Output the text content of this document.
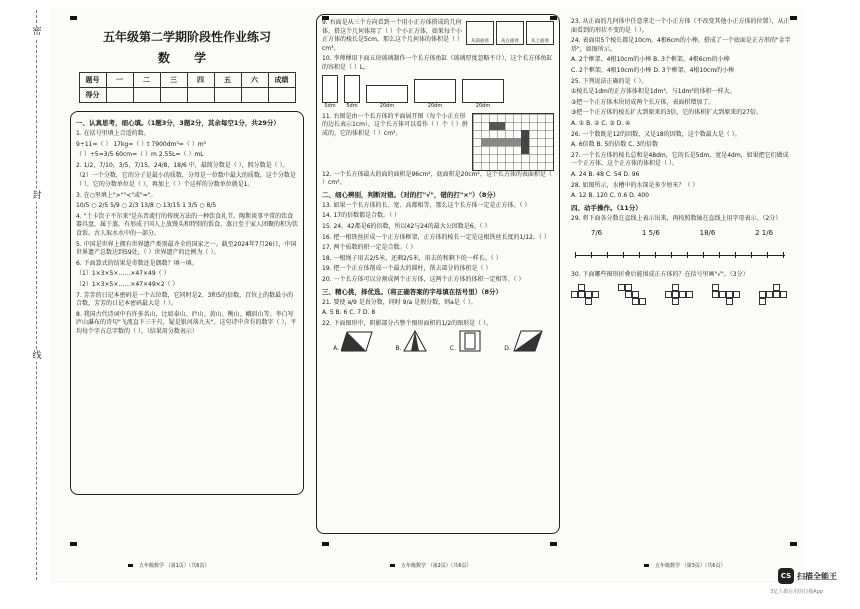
密
封
线
五年级第二学期阶段性作业练习
数 学
题号	一	二	三	四	五	六	成绩
得分							
一、认真思考，细心填。（1题3分，3题2分，其余每空1分，共29分）
1. 在括号里填上合适的数。
9÷11=（ ） 17kg=（ ）t 7900dm³=（ ）m³
（ ）÷5=3/5 60cm=（ ）m 2.55L=（ ）mL
2. 1/2，7/10，3/5，7/15，24/8，18/6 中，最简分数是（ ），假分数是（ ）。
（2）一个分数，它的分子是最小的质数，分母是一位数中最大的质数，这个分数是（ ），它的分数单位是（ ），再加上（ ）个这样的分数单位就是1。
3. 在○里填上">""<"或"="。
10/5 ○ 2/5 5/9 ○ 2/3 13/8 ○ 13/15 1 3/5 ○ 8/5
4. "土卡饮子不尔来"是东晋流行的传统方法的一种饮食礼节。陶斯谈事平常的饮食器具盘，属于蒸，有形成于国人上放馒头和特别的饭食，蒸日至于家人团聚的积为饮食饭。古人取水水中的一部分。
5. 中国是世界上拥有世界遗产类别最齐全的国家之一。截至2024年7月26日，中国世界遗产总数达到59处，（ ）世界遗产的比例为（ ）。
6. 下面算式的结果是奇数还是偶数？填一填。
（1）1×3×5×……×47×49（ ）
（2）1×3×5×……×47×49×2（ ）
7. 芳芳的日记本密码是一个五位数，它同时是2、3和5的倍数，百位上的数最小的合数，芳芳的日记本密码最大是（ ）。
8. 我国古代诗词中有许多名山，比如泰山、庐山、黄山、衡山、峨眉山等。李白写庐山瀑布的诗句"飞流直下三千尺，疑是银河落九天"。这句诗中含有的数字（ ），平均每个字占总字数的（ ）。（结果用分数表示）
五年级数学 （第1页）（共6页）
9. 右面是从三个方向看到一个用小正方体搭成的几何体，搭这个几何体用了（ ）个小正方体，如果每个小正方体的棱长是5cm，那么这个几何体的体积是（ ）cm³。
从前面看	从左面看	从上面看
10. 李师傅用下面五块玻璃制作一个长方体鱼缸（玻璃厚度忽略不计），这个长方体鱼缸的容积是（ ）L。
5dm	5dm	20dm	20dm	20dm
11. 右图是由一个长方体的平面展开图（每个小正方形的边长表示1cm），这个长方体可以看作（ ）个（ ）拼成的，它的体积是（ ）cm³。
12. 一个长方体最大的面的面积是96cm²，底面积是20cm²，这个长方体的表面积是（ ）cm²。
二、细心辨别，判断对错。（对的打"√"，错的打"×"）（8分）
13. 如果一个长方体的长、宽、高都相等，那么这个长方体一定是正方体。（ ）
14. 17的倍数都是合数。（ ）
15. 24，42都是6的倍数，所以42与24的最大公因数是6。（ ）
16. 把一根铁丝折成一个正方体框架，正方体的棱长一定是这根铁丝长度的1/12。（ ）
17. 两个质数的积一定是合数。（ ）
18. 一根绳子用去2/5米，还剩2/5米，用去的和剩下的一样长。（ ）
19. 把一个正方体削成一个最大的圆柱，削去部分的体积是（ ）
20. 一个长方体可以分割成两个正方体，这两个正方体的体积一定相等。（ ）
三、精心挑，择优选。（将正确答案的字母填在括号里）（8分）
21. 要使 a/9 是真分数，同时 9/a 是假分数，则a是（ ）。
A. 5 B. 6 C. 7 D. 8
22. 下面图形中，阴影部分占整个图形面积的1/2的图形是（ ）。
A.	B.	C.	D.
五年级数学 （第2页）（共6页）
23. 从正面的几何体中任意拿走一个小正方体（不改变其他小正方体的位置），从正面看到的形状不变的是（ ）。
24. 表面用5个棱长都是10cm，4根6cm的小棒，搭成了一个底面是正方形的"金字塔"，如图所示。
A. 2个框架、4根10cm的小棒 B. 3个框架、4根6cm的小棒
C. 2个框架、4根10cm的小棒 D. 3个框架、4根10cm的小棒
25. 下列说法正确的是（ ）。
①棱长是1dm的正方体体积是1dm³，与1dm³的体积一样大。
②把一个正方体木块切成两个长方体，表面积增加了。
③把一个正方体的棱长扩大到原来的3倍，它的体积扩大到原来的27倍。
A. ① B. ② C. ③ D. ④
26. 一个数既是12的因数，又是18的因数，这个数最大是（ ）。
A. 6倍数 B. 5的倍数 C. 3的倍数
27. 一个长方体的棱长总和是48dm，它的长是5dm，宽是4dm，如果把它们做成一个正方体，这个正方体的体积是（ ）。
A. 24 B. 48 C. 54 D. 96
28. 如图所示，水槽中的水深是多少厘米？（ ）
A. 12 B. 120 C. 0.6 D. 400
四、动手操作。（11分）
29. 将下面各分数在直线上表示出来，再按照数轴在直线上用字母表示。（2分）
7/6	1 5/6	18/6	2 1/6
30. 下面哪些图形折叠后能围成正方体的？在括号里画"√"。（3分）
五年级数学 （第3页）（共6页）
CS 扫描全能王
3亿人都在用的扫描App
